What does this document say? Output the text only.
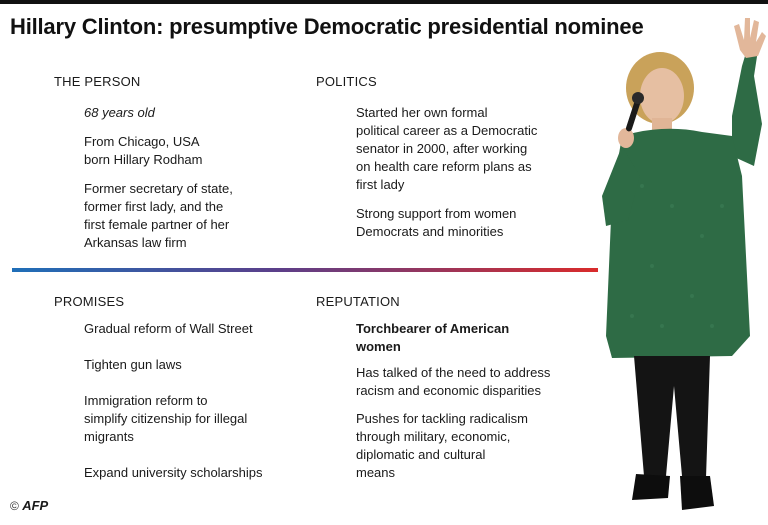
Hillary Clinton: presumptive Democratic presidential nominee
THE PERSON
68 years old
From Chicago, USA
born Hillary Rodham
Former secretary of state,
former first lady, and the
first female partner of her
Arkansas law firm
POLITICS
Started her own formal
political career as a Democratic
senator in 2000, after working
on health care reform plans as
first lady
Strong support from women
Democrats and minorities
PROMISES
Gradual reform of Wall Street
Tighten gun laws
Immigration reform to
simplify citizenship for illegal
migrants
Expand university scholarships
REPUTATION
Torchbearer of American
women
Has talked of the need to address
racism and economic disparities
Pushes for tackling radicalism
through military, economic,
diplomatic and cultural
means
© AFP
